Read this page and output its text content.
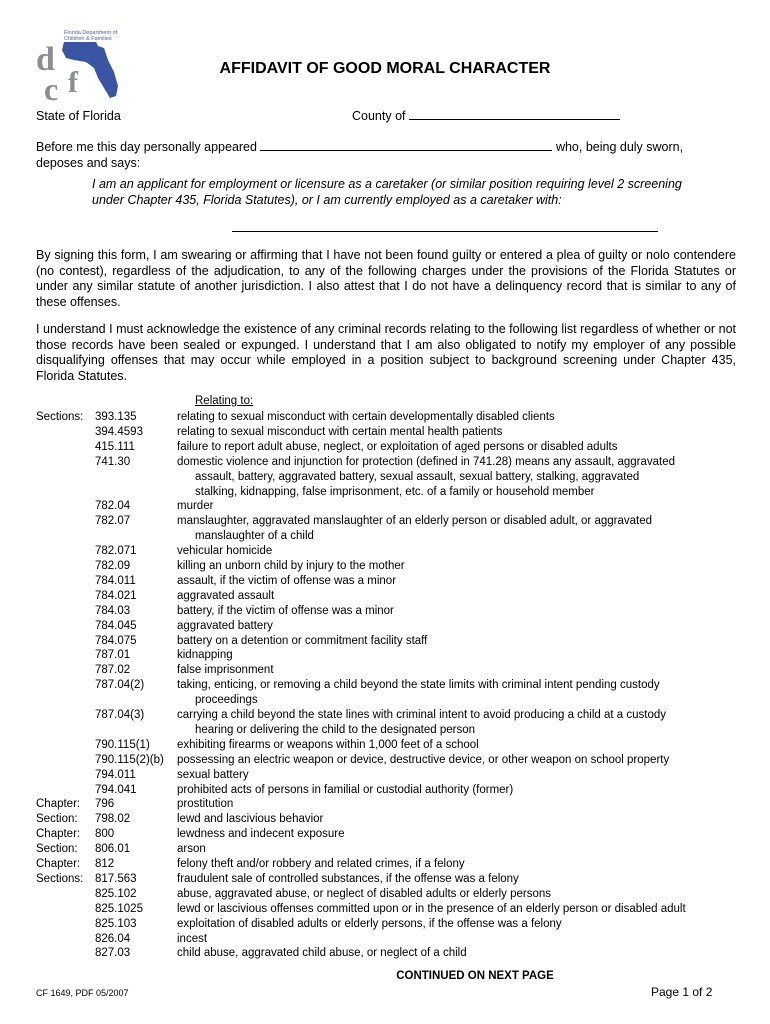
d
c f
Florida Department of
Children & Families
AFFIDAVIT OF GOOD MORAL CHARACTER
State of Florida	County of
Before me this day personally appeared	who, being duly sworn,
deposes and says:
I am an applicant for employment or licensure as a caretaker (or similar position requiring level 2 screening under Chapter 435, Florida Statutes), or I am currently employed as a caretaker with:
By signing this form, I am swearing or affirming that I have not been found guilty or entered a plea of guilty or nolo contendere (no contest), regardless of the adjudication, to any of the following charges under the provisions of the Florida Statutes or under any similar statute of another jurisdiction. I also attest that I do not have a delinquency record that is similar to any of these offenses.
I understand I must acknowledge the existence of any criminal records relating to the following list regardless of whether or not those records have been sealed or expunged. I understand that I am also obligated to notify my employer of any possible disqualifying offenses that may occur while employed in a position subject to background screening under Chapter 435, Florida Statutes.
Relating to:
Sections:	393.135	relating to sexual misconduct with certain developmentally disabled clients
394.4593	relating to sexual misconduct with certain mental health patients
415.111	failure to report adult abuse, neglect, or exploitation of aged persons or disabled adults
741.30	domestic violence and injunction for protection (defined in 741.28) means any assault, aggravated
assault, battery, aggravated battery, sexual assault, sexual battery, stalking, aggravated
stalking, kidnapping, false imprisonment, etc. of a family or household member
782.04	murder
782.07	manslaughter, aggravated manslaughter of an elderly person or disabled adult, or aggravated
manslaughter of a child
782.071	vehicular homicide
782.09	killing an unborn child by injury to the mother
784.011	assault, if the victim of offense was a minor
784.021	aggravated assault
784.03	battery, if the victim of offense was a minor
784.045	aggravated battery
784.075	battery on a detention or commitment facility staff
787.01	kidnapping
787.02	false imprisonment
787.04(2)	taking, enticing, or removing a child beyond the state limits with criminal intent pending custody
proceedings
787.04(3)	carrying a child beyond the state lines with criminal intent to avoid producing a child at a custody
hearing or delivering the child to the designated person
790.115(1)	exhibiting firearms or weapons within 1,000 feet of a school
790.115(2)(b)	possessing an electric weapon or device, destructive device, or other weapon on school property
794.011	sexual battery
794.041	prohibited acts of persons in familial or custodial authority (former)
Chapter:	796	prostitution
Section:	798.02	lewd and lascivious behavior
Chapter:	800	lewdness and indecent exposure
Section:	806.01	arson
Chapter:	812	felony theft and/or robbery and related crimes, if a felony
Sections:	817.563	fraudulent sale of controlled substances, if the offense was a felony
825.102	abuse, aggravated abuse, or neglect of disabled adults or elderly persons
825.1025	lewd or lascivious offenses committed upon or in the presence of an elderly person or disabled adult
825.103	exploitation of disabled adults or elderly persons, if the offense was a felony
826.04	incest
827.03	child abuse, aggravated child abuse, or neglect of a child
CONTINUED ON NEXT PAGE
CF 1649, PDF 05/2007	Page 1 of 2
